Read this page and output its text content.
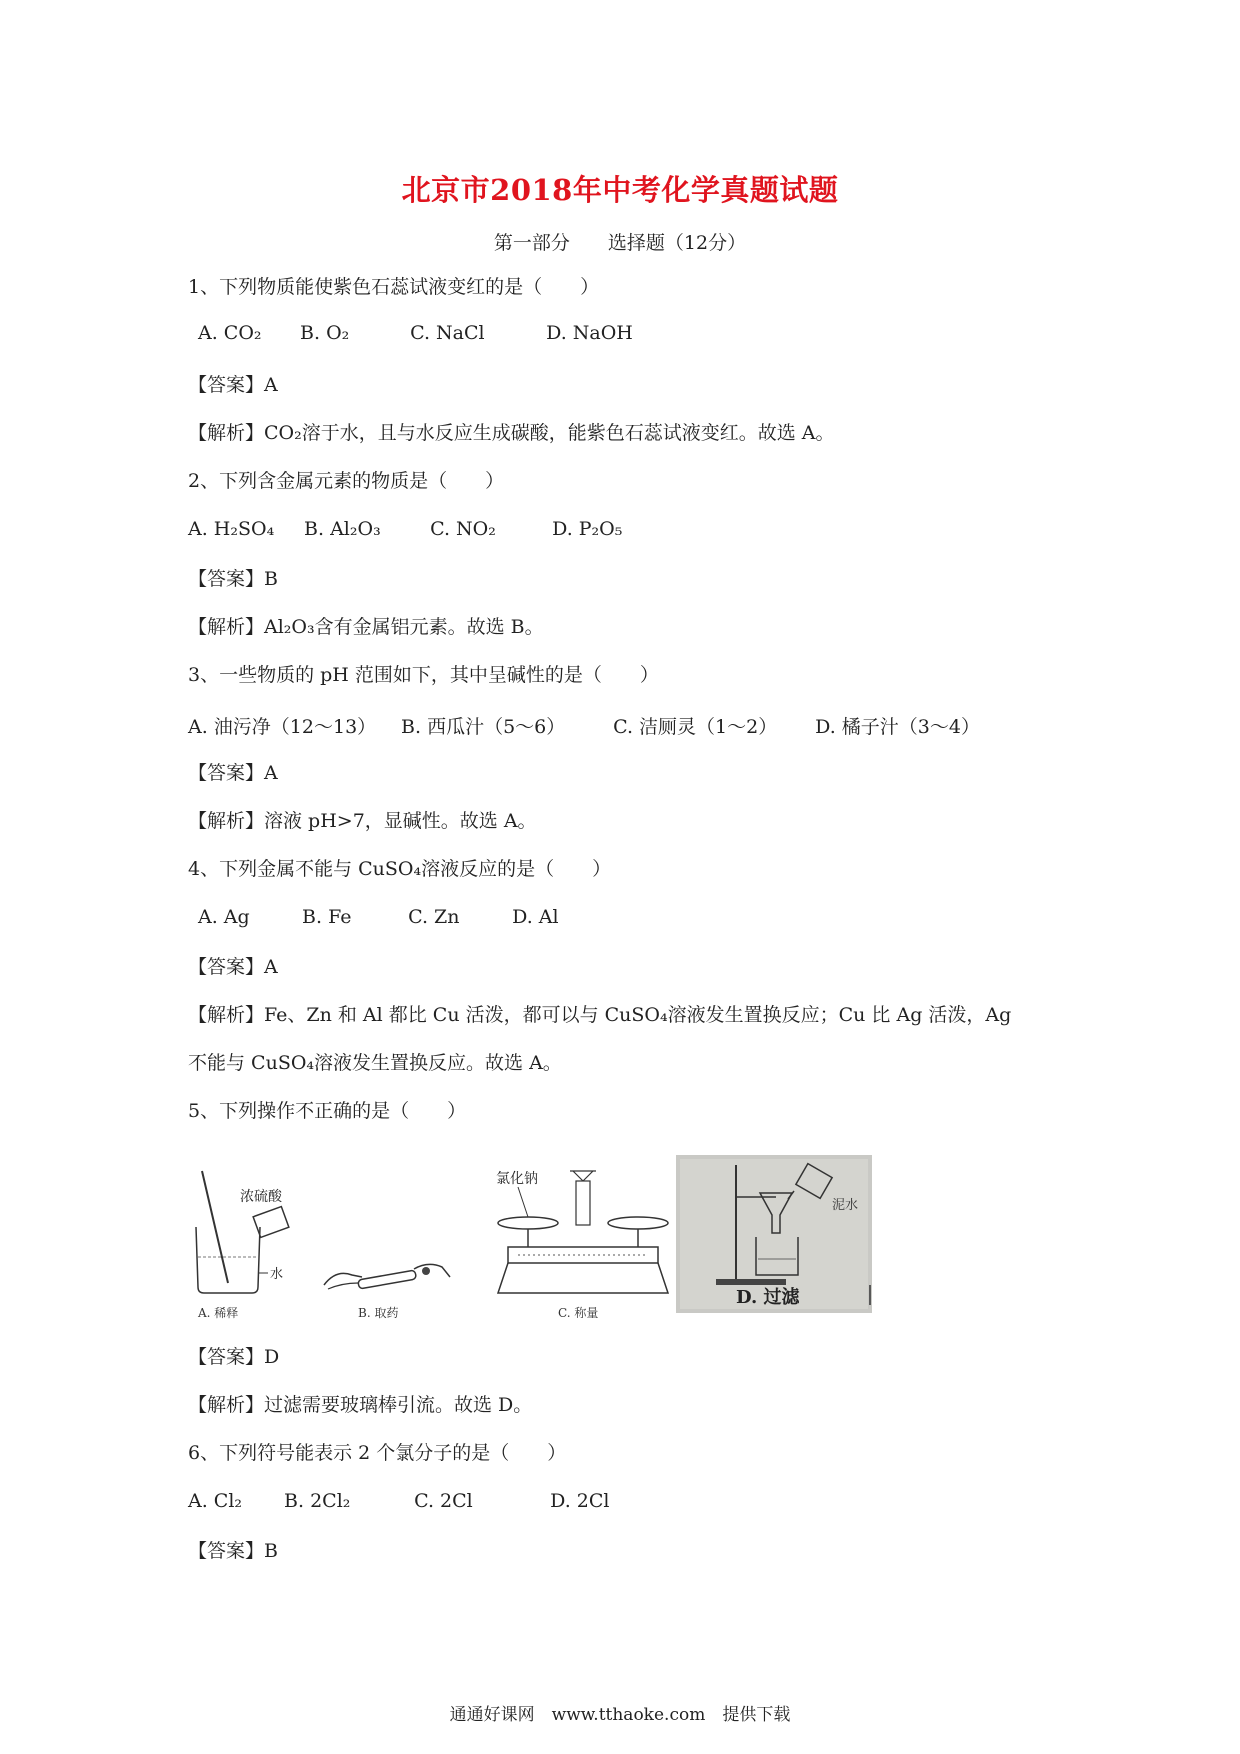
北京市2018年中考化学真题试题
第一部分　　选择题（12分）
1、下列物质能使紫色石蕊试液变红的是（　　）
A. CO₂ B. O₂	C. NaCl	D. NaOH
【答案】A
【解析】CO₂溶于水，且与水反应生成碳酸，能紫色石蕊试液变红。故选 A。
2、下列含金属元素的物质是（　　）
A. H₂SO₄ B. Al₂O₃	C. NO₂	D. P₂O₅
【答案】B
【解析】Al₂O₃含有金属铝元素。故选 B。
3、一些物质的 pH 范围如下，其中呈碱性的是（　　）
A. 油污净（12～13） B. 西瓜汁（5～6）	C. 洁厕灵（1～2） D. 橘子汁（3～4）
【答案】A
【解析】溶液 pH>7，显碱性。故选 A。
4、下列金属不能与 CuSO₄溶液反应的是（　　）
A. Ag	B. Fe	C. Zn	D. Al
【答案】A
【解析】Fe、Zn 和 Al 都比 Cu 活泼，都可以与 CuSO₄溶液发生置换反应；Cu 比 Ag 活泼，Ag
不能与 CuSO₄溶液发生置换反应。故选 A。
5、下列操作不正确的是（　　）
浓硫酸
水
A. 稀释	B. 取药
氯化钠
C. 称量
泥水
D. 过滤
【答案】D
【解析】过滤需要玻璃棒引流。故选 D。
6、下列符号能表示 2 个氯分子的是（　　）
A. Cl₂ B. 2Cl₂	C. 2Cl	D. 2Cl
【答案】B
通通好课网　www.tthaoke.com　提供下载
